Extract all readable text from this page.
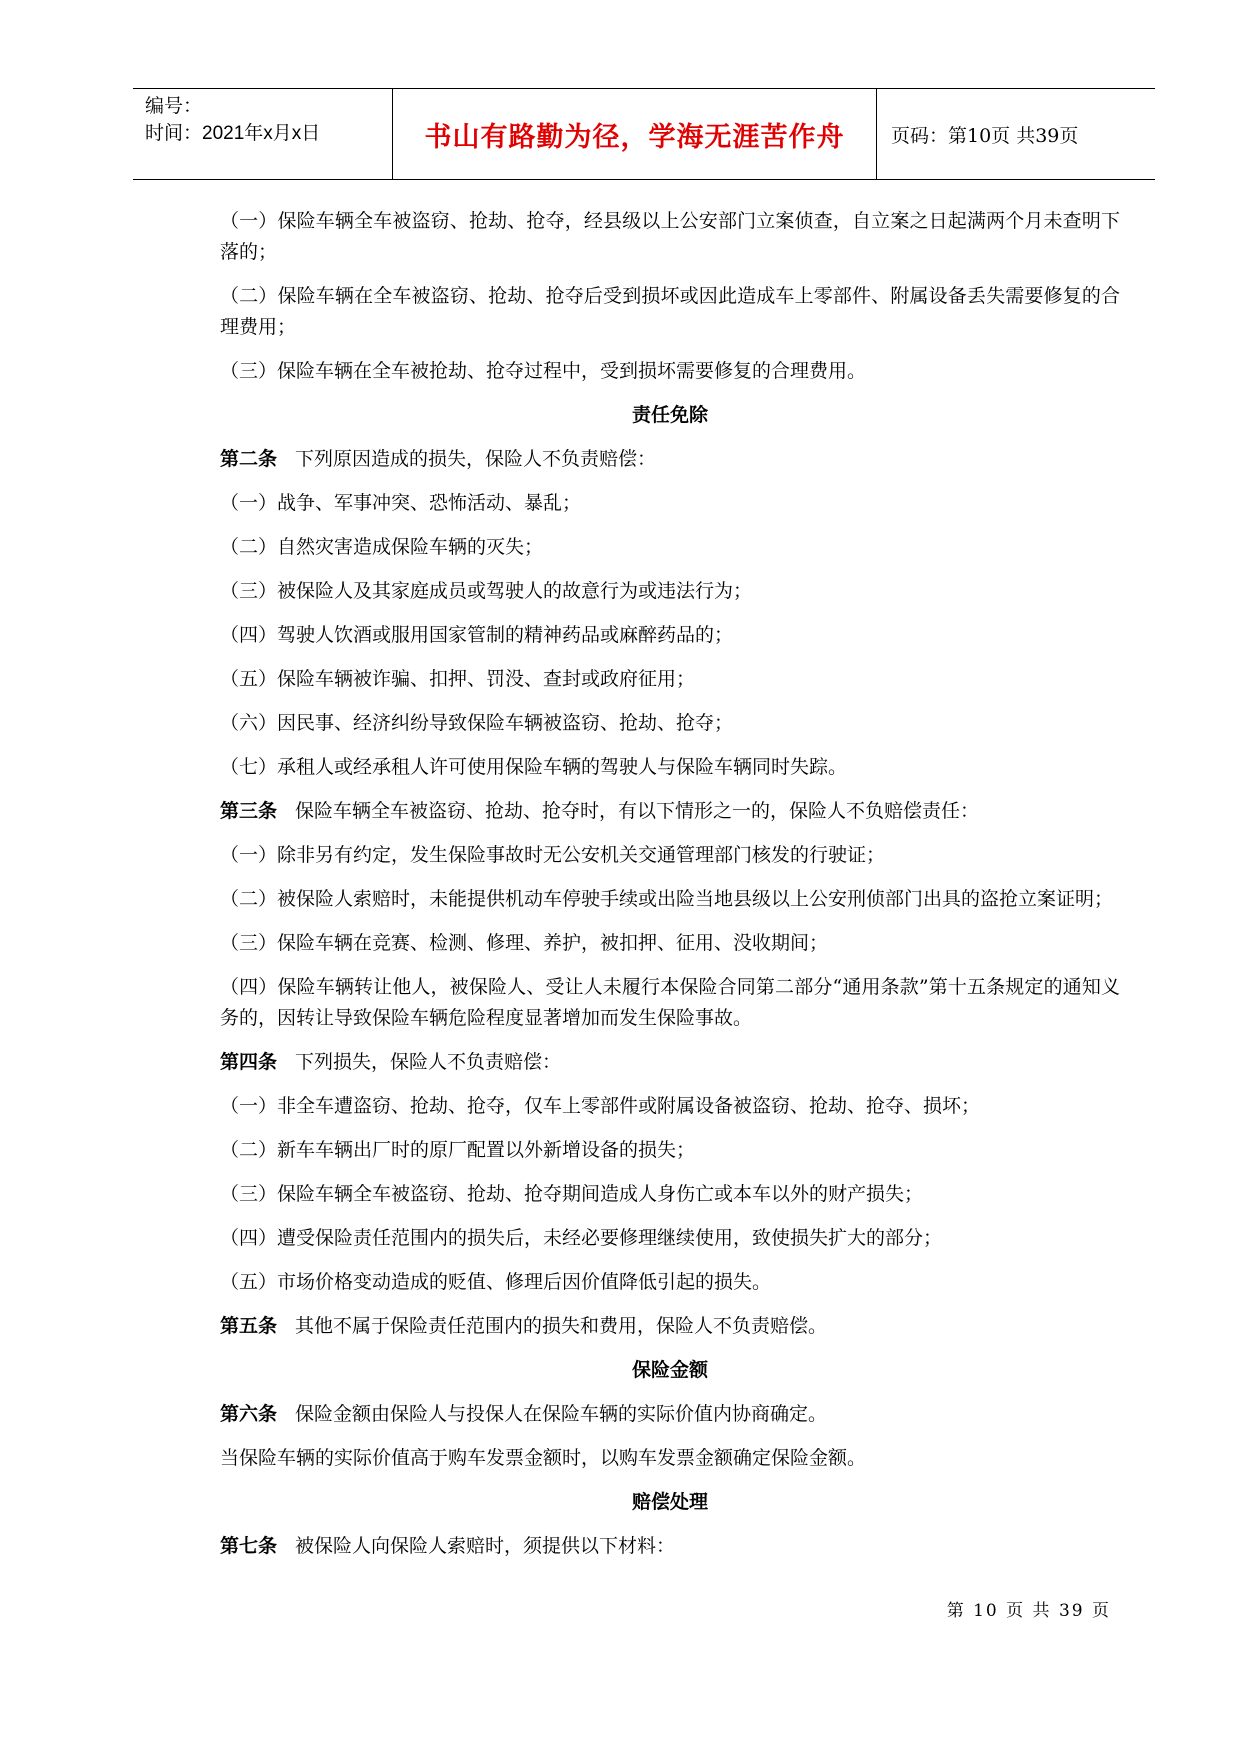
编号：
时间：2021年x月x日	书山有路勤为径，学海无涯苦作舟	页码：第10页 共39页

（一）保险车辆全车被盗窃、抢劫、抢夺，经县级以上公安部门立案侦查，自立案之日起满两个月未查明下落的；

（二）保险车辆在全车被盗窃、抢劫、抢夺后受到损坏或因此造成车上零部件、附属设备丢失需要修复的合理费用；

（三）保险车辆在全车被抢劫、抢夺过程中，受到损坏需要修复的合理费用。

责任免除

第二条 下列原因造成的损失，保险人不负责赔偿：

（一）战争、军事冲突、恐怖活动、暴乱；

（二）自然灾害造成保险车辆的灭失；

（三）被保险人及其家庭成员或驾驶人的故意行为或违法行为；

（四）驾驶人饮酒或服用国家管制的精神药品或麻醉药品的；

（五）保险车辆被诈骗、扣押、罚没、查封或政府征用；

（六）因民事、经济纠纷导致保险车辆被盗窃、抢劫、抢夺；

（七）承租人或经承租人许可使用保险车辆的驾驶人与保险车辆同时失踪。

第三条 保险车辆全车被盗窃、抢劫、抢夺时，有以下情形之一的，保险人不负赔偿责任：

（一）除非另有约定，发生保险事故时无公安机关交通管理部门核发的行驶证；

（二）被保险人索赔时，未能提供机动车停驶手续或出险当地县级以上公安刑侦部门出具的盗抢立案证明；

（三）保险车辆在竞赛、检测、修理、养护，被扣押、征用、没收期间；

（四）保险车辆转让他人，被保险人、受让人未履行本保险合同第二部分“通用条款”第十五条规定的通知义务的，因转让导致保险车辆危险程度显著增加而发生保险事故。

第四条 下列损失，保险人不负责赔偿：

（一）非全车遭盗窃、抢劫、抢夺，仅车上零部件或附属设备被盗窃、抢劫、抢夺、损坏；

（二）新车车辆出厂时的原厂配置以外新增设备的损失；

（三）保险车辆全车被盗窃、抢劫、抢夺期间造成人身伤亡或本车以外的财产损失；

（四）遭受保险责任范围内的损失后，未经必要修理继续使用，致使损失扩大的部分；

（五）市场价格变动造成的贬值、修理后因价值降低引起的损失。

第五条 其他不属于保险责任范围内的损失和费用，保险人不负责赔偿。

保险金额

第六条 保险金额由保险人与投保人在保险车辆的实际价值内协商确定。

当保险车辆的实际价值高于购车发票金额时，以购车发票金额确定保险金额。

赔偿处理

第七条 被保险人向保险人索赔时，须提供以下材料：

第 10 页 共 39 页
